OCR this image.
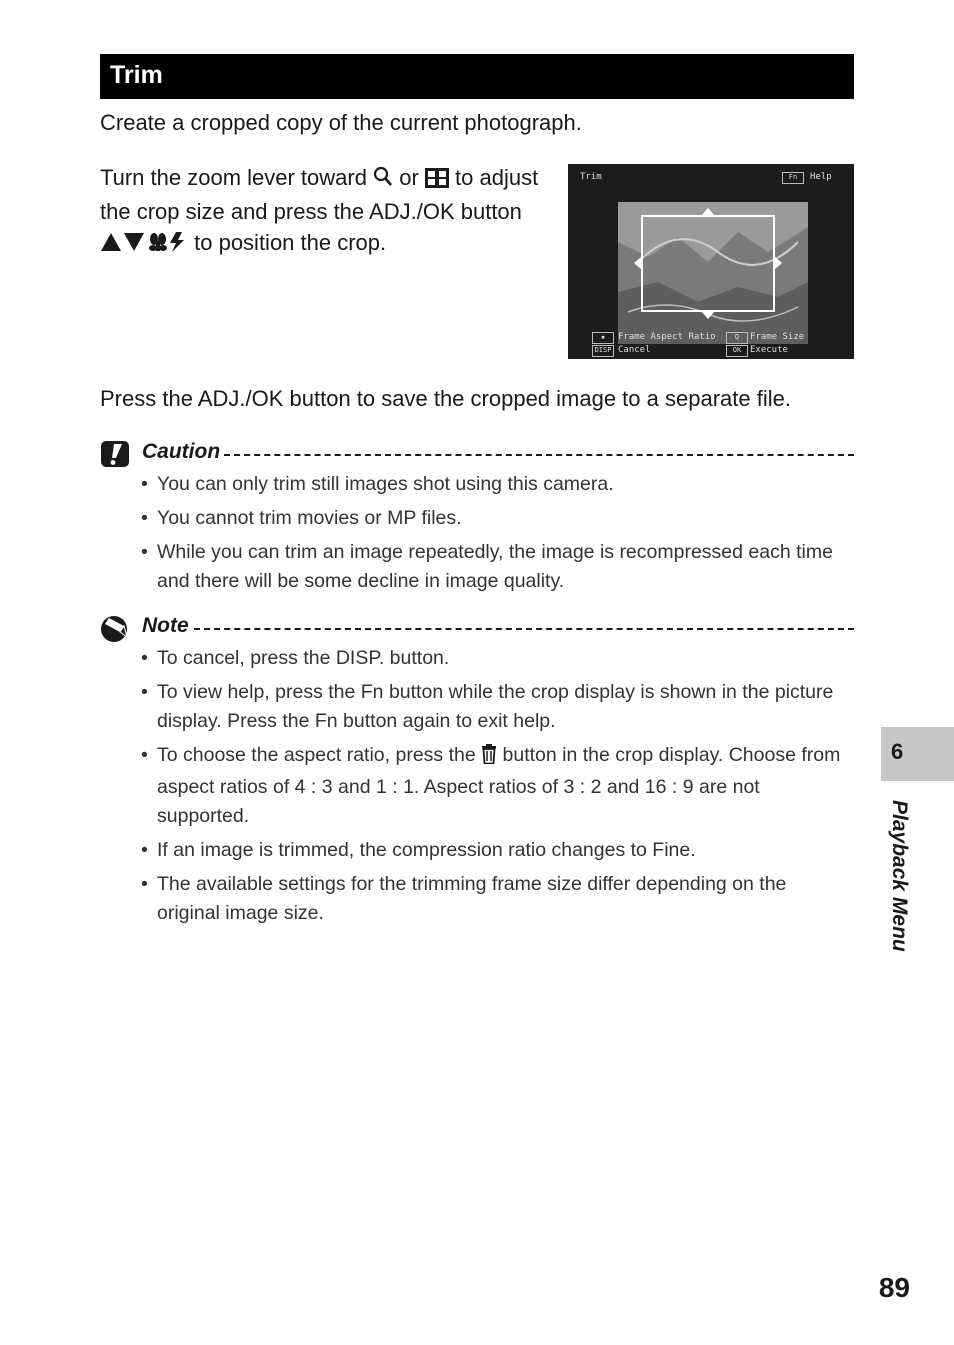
Trim
Create a cropped copy of the current photograph.
Turn the zoom lever toward or to adjust the crop size and press the ADJ./OK button  to position the crop.
Trim	Fn	Help
▪	Frame Aspect Ratio	Q	Frame Size
DISP Cancel	OK Execute
Press the ADJ./OK button to save the cropped image to a separate file.
Caution
• You can only trim still images shot using this camera.
• You cannot trim movies or MP files.
• While you can trim an image repeatedly, the image is recompressed each time and there will be some decline in image quality.
Note
• To cancel, press the DISP. button.
• To view help, press the Fn button while the crop display is shown in the picture display. Press the Fn button again to exit help.
• To choose the aspect ratio, press the button in the crop display. Choose from aspect ratios of 4 : 3 and 1 : 1. Aspect ratios of 3 : 2 and 16 : 9 are not supported.
• If an image is trimmed, the compression ratio changes to Fine.
• The available settings for the trimming frame size differ depending on the original image size.
6
Playback Menu
89
